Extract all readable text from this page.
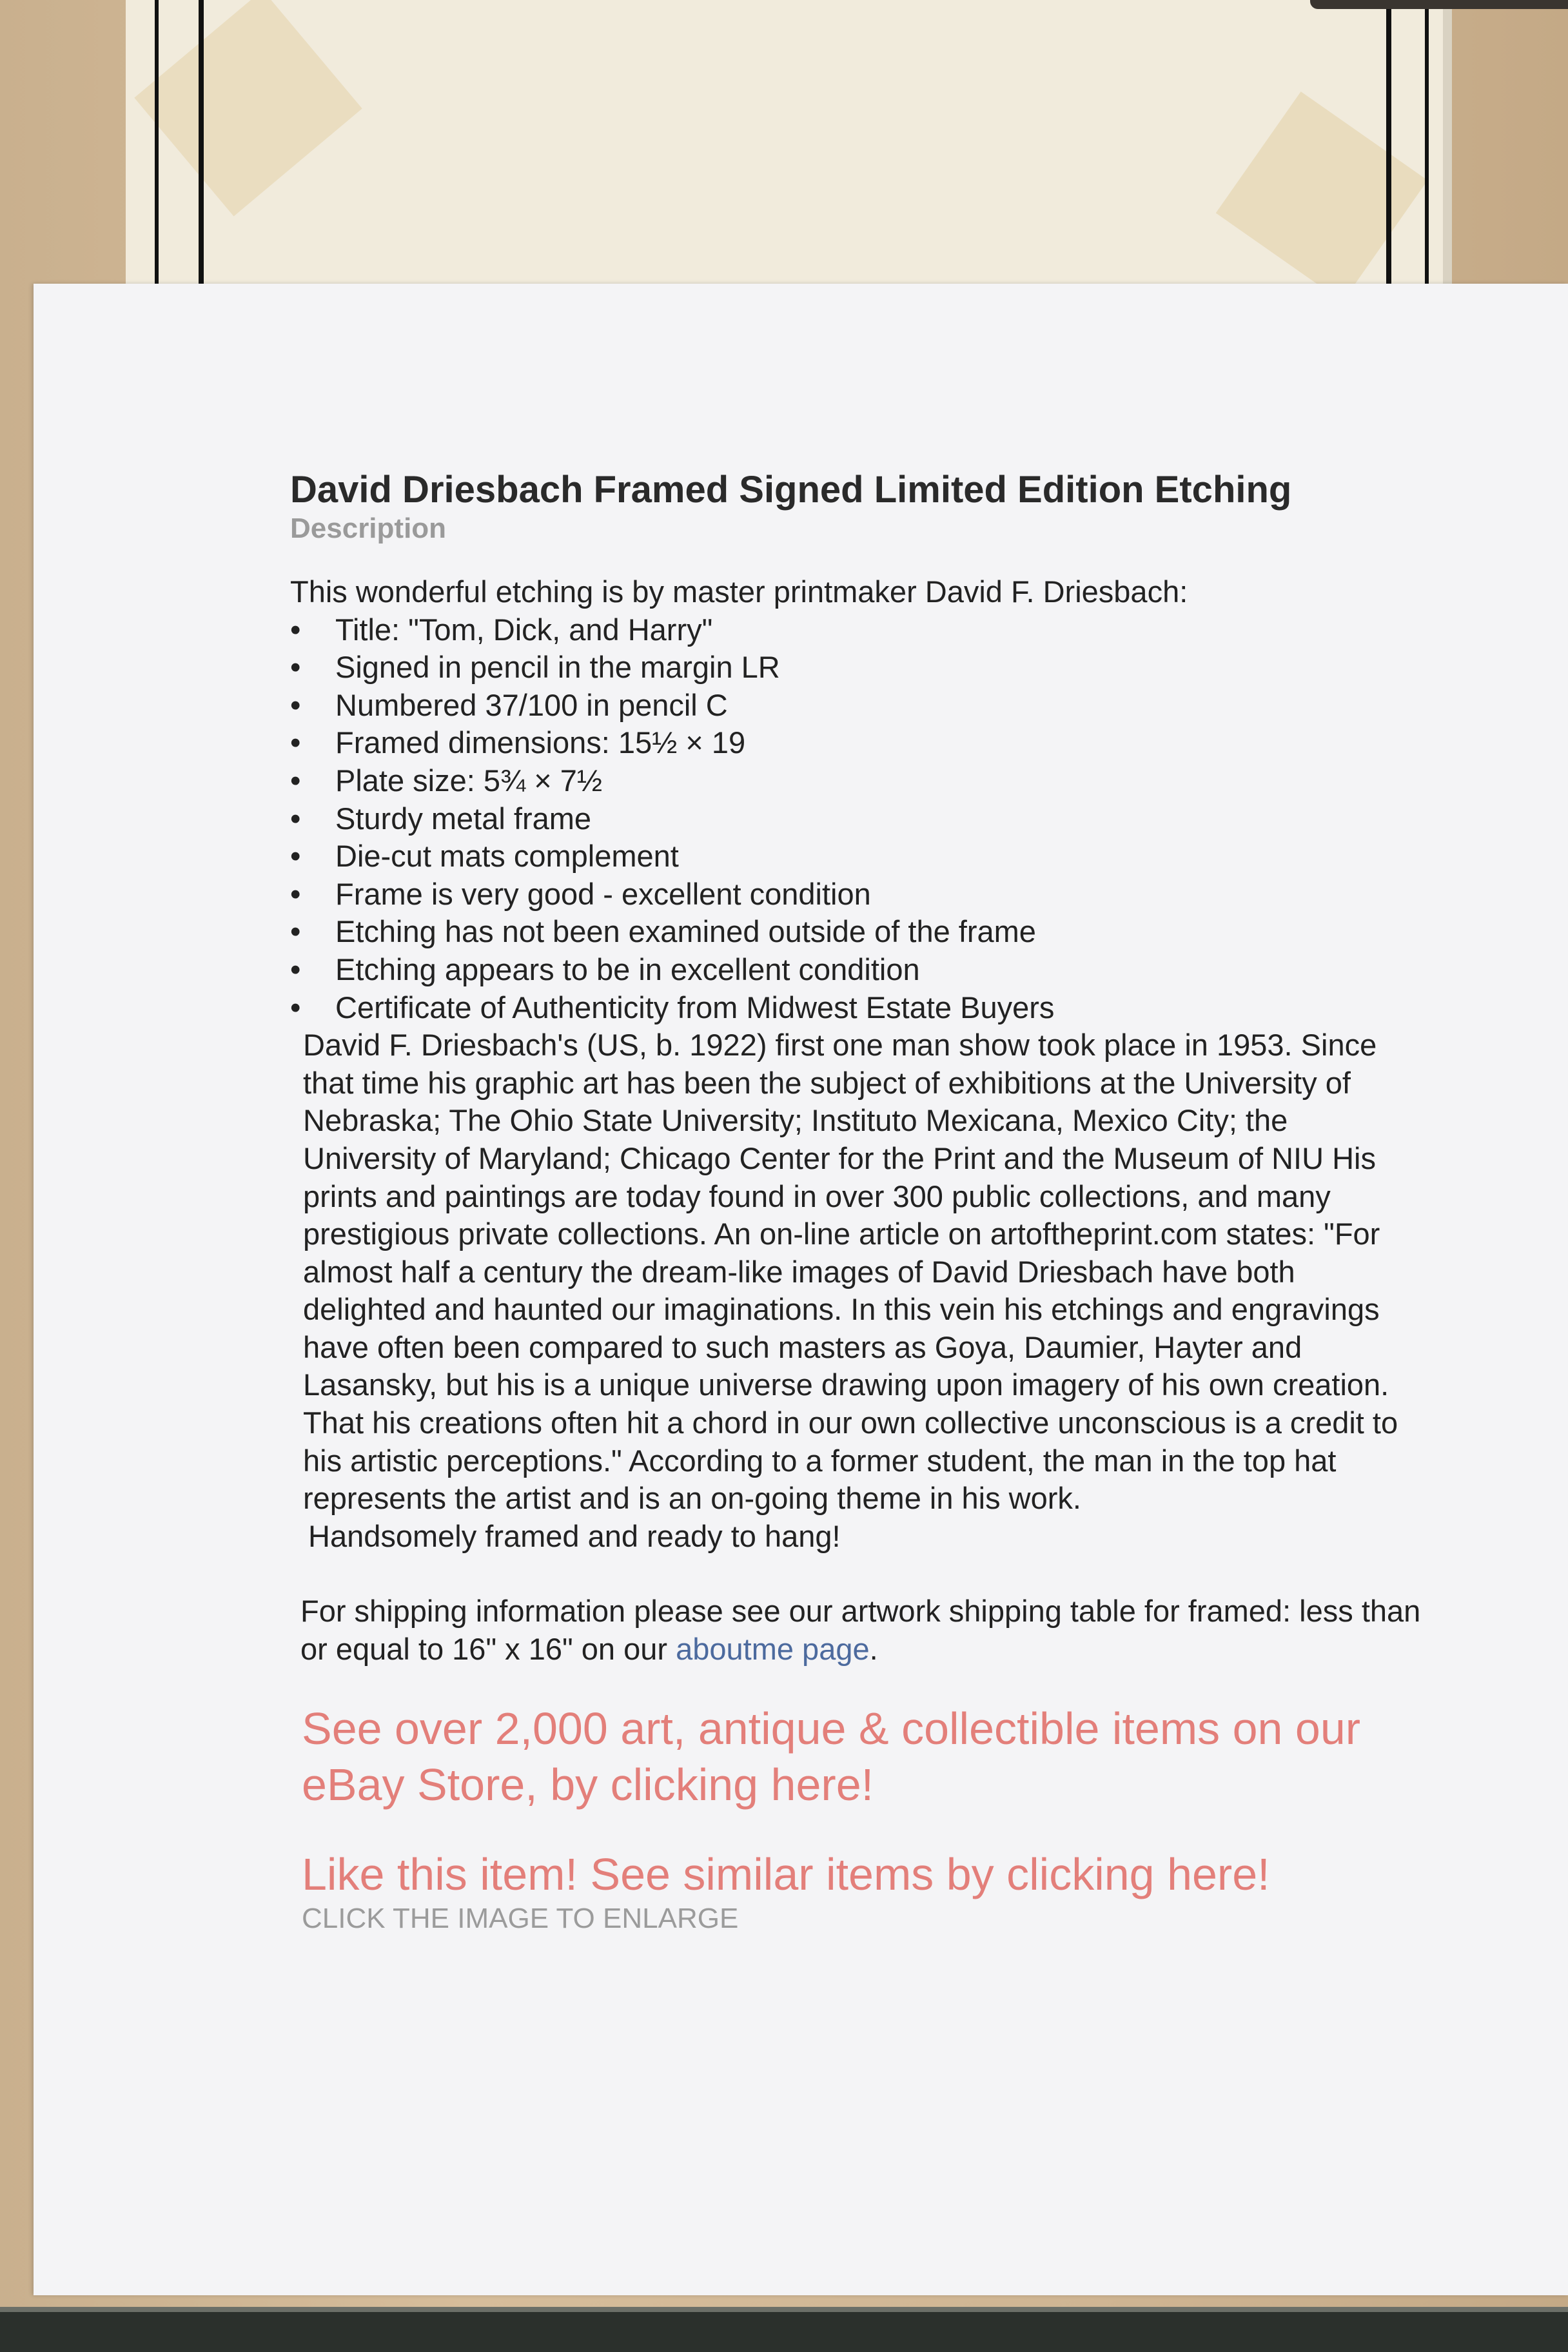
David Driesbach Framed Signed Limited Edition Etching
Description

This wonderful etching is by master printmaker David F. Driesbach:

• Title: "Tom, Dick, and Harry"
• Signed in pencil in the margin LR
• Numbered 37/100 in pencil C
• Framed dimensions: 15½ × 19
• Plate size: 5¾ × 7½
• Sturdy metal frame
• Die-cut mats complement
• Frame is very good - excellent condition
• Etching has not been examined outside of the frame
• Etching appears to be in excellent condition
• Certificate of Authenticity from Midwest Estate Buyers

David F. Driesbach's (US, b. 1922) first one man show took place in 1953. Since that time his graphic art has been the subject of exhibitions at the University of Nebraska; The Ohio State University; Instituto Mexicana, Mexico City; the University of Maryland; Chicago Center for the Print and the Museum of NIU His prints and paintings are today found in over 300 public collections, and many prestigious private collections. An on-line article on artoftheprint.com states: "For almost half a century the dream-like images of David Driesbach have both delighted and haunted our imaginations. In this vein his etchings and engravings have often been compared to such masters as Goya, Daumier, Hayter and Lasansky, but his is a unique universe drawing upon imagery of his own creation. That his creations often hit a chord in our own collective unconscious is a credit to his artistic perceptions." According to a former student, the man in the top hat represents the artist and is an on-going theme in his work.

Handsomely framed and ready to hang!

For shipping information please see our artwork shipping table for framed: less than or equal to 16" x 16" on our aboutme page.

See over 2,000 art, antique & collectible items on our eBay Store, by clicking here!
Like this item! See similar items by clicking here!
CLICK THE IMAGE TO ENLARGE
